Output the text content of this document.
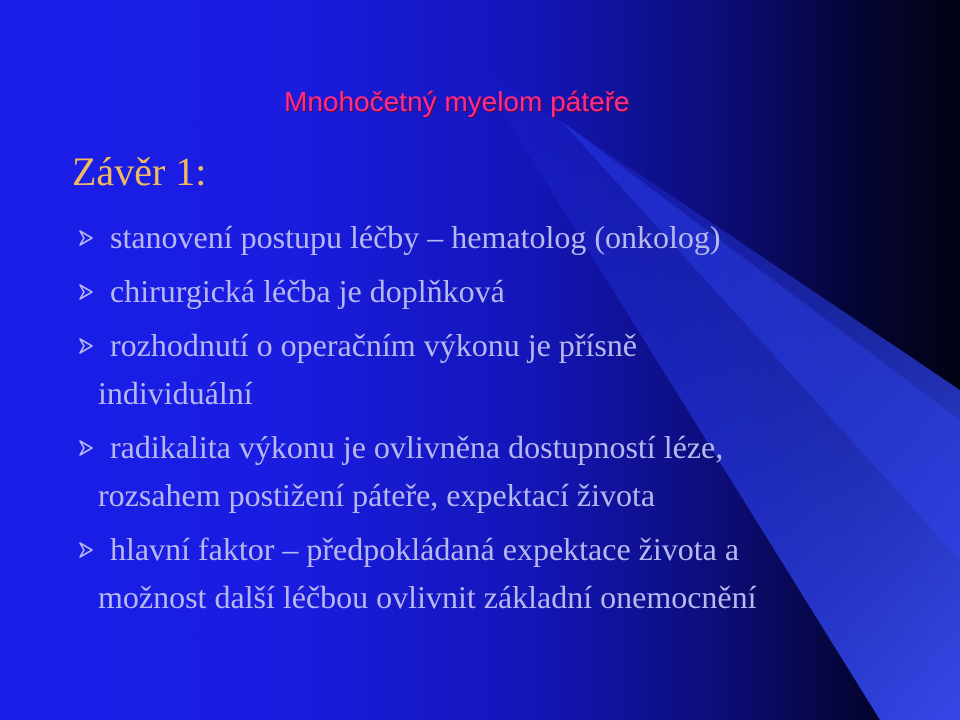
Mnohočetný myelom páteře
Závěr 1:
stanovení postupu léčby – hematolog (onkolog)
chirurgická léčba je doplňková
rozhodnutí o operačním výkonu je přísně
individuální
radikalita výkonu je ovlivněna dostupností léze,
rozsahem postižení páteře, expektací života
hlavní faktor – předpokládaná expektace života a
možnost další léčbou ovlivnit základní onemocnění
